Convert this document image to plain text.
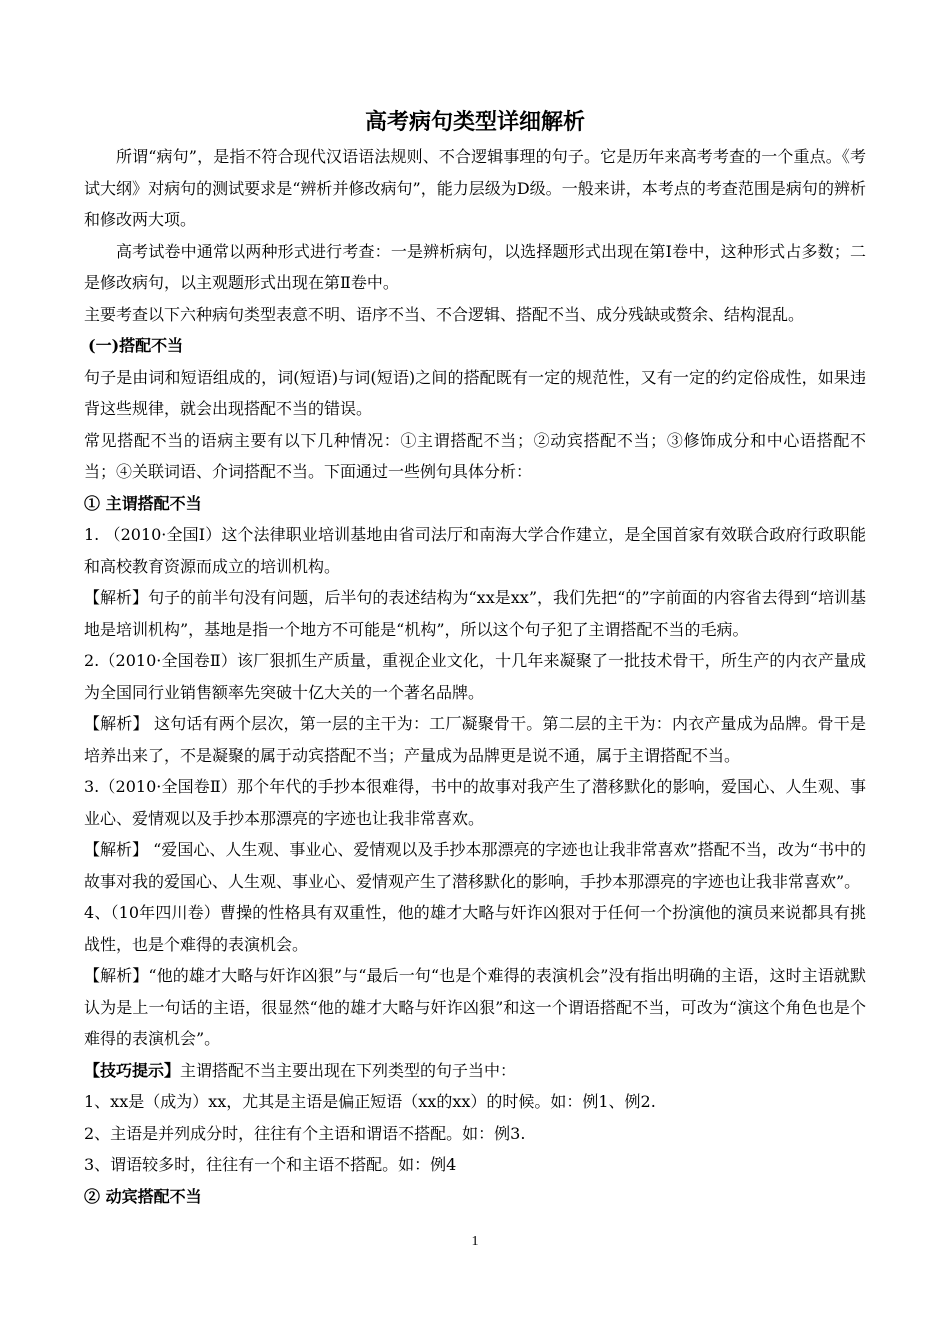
高考病句类型详细解析

所谓“病句”，是指不符合现代汉语语法规则、不合逻辑事理的句子。它是历年来高考考查的一个重点。《考试大纲》对病句的测试要求是“辨析并修改病句”，能力层级为D级。一般来讲，本考点的考查范围是病句的辨析和修改两大项。

高考试卷中通常以两种形式进行考查：一是辨析病句，以选择题形式出现在第Ⅰ卷中，这种形式占多数；二是修改病句，以主观题形式出现在第Ⅱ卷中。

主要考查以下六种病句类型表意不明、语序不当、不合逻辑、搭配不当、成分残缺或赘余、结构混乱。

(一)搭配不当

句子是由词和短语组成的，词(短语)与词(短语)之间的搭配既有一定的规范性，又有一定的约定俗成性，如果违背这些规律，就会出现搭配不当的错误。

常见搭配不当的语病主要有以下几种情况：①主谓搭配不当；②动宾搭配不当；③修饰成分和中心语搭配不当；④关联词语、介词搭配不当。下面通过一些例句具体分析：

① 主谓搭配不当

1. （2010·全国Ⅰ）这个法律职业培训基地由省司法厅和南海大学合作建立，是全国首家有效联合政府行政职能和高校教育资源而成立的培训机构。

【解析】句子的前半句没有问题，后半句的表述结构为“xx是xx”，我们先把“的”字前面的内容省去得到“培训基地是培训机构”，基地是指一个地方不可能是“机构”，所以这个句子犯了主谓搭配不当的毛病。

2.（2010·全国卷Ⅱ）该厂狠抓生产质量，重视企业文化，十几年来凝聚了一批技术骨干，所生产的内衣产量成为全国同行业销售额率先突破十亿大关的一个著名品牌。

【解析】 这句话有两个层次，第一层的主干为：工厂凝聚骨干。第二层的主干为：内衣产量成为品牌。骨干是培养出来了，不是凝聚的属于动宾搭配不当；产量成为品牌更是说不通，属于主谓搭配不当。

3.（2010·全国卷Ⅱ）那个年代的手抄本很难得，书中的故事对我产生了潜移默化的影响，爱国心、人生观、事业心、爱情观以及手抄本那漂亮的字迹也让我非常喜欢。

【解析】 “爱国心、人生观、事业心、爱情观以及手抄本那漂亮的字迹也让我非常喜欢”搭配不当，改为“书中的故事对我的爱国心、人生观、事业心、爱情观产生了潜移默化的影响，手抄本那漂亮的字迹也让我非常喜欢”。

4、（10年四川卷）曹操的性格具有双重性，他的雄才大略与奸诈凶狠对于任何一个扮演他的演员来说都具有挑战性，也是个难得的表演机会。

【解析】“他的雄才大略与奸诈凶狠”与“最后一句“也是个难得的表演机会”没有指出明确的主语，这时主语就默认为是上一句话的主语，很显然“他的雄才大略与奸诈凶狠”和这一个谓语搭配不当，可改为“演这个角色也是个难得的表演机会”。

【技巧提示】主谓搭配不当主要出现在下列类型的句子当中：

1、xx是（成为）xx，尤其是主语是偏正短语（xx的xx）的时候。如：例1、例2.

2、主语是并列成分时，往往有个主语和谓语不搭配。如：例3.

3、谓语较多时，往往有一个和主语不搭配。如：例4

② 动宾搭配不当

1
